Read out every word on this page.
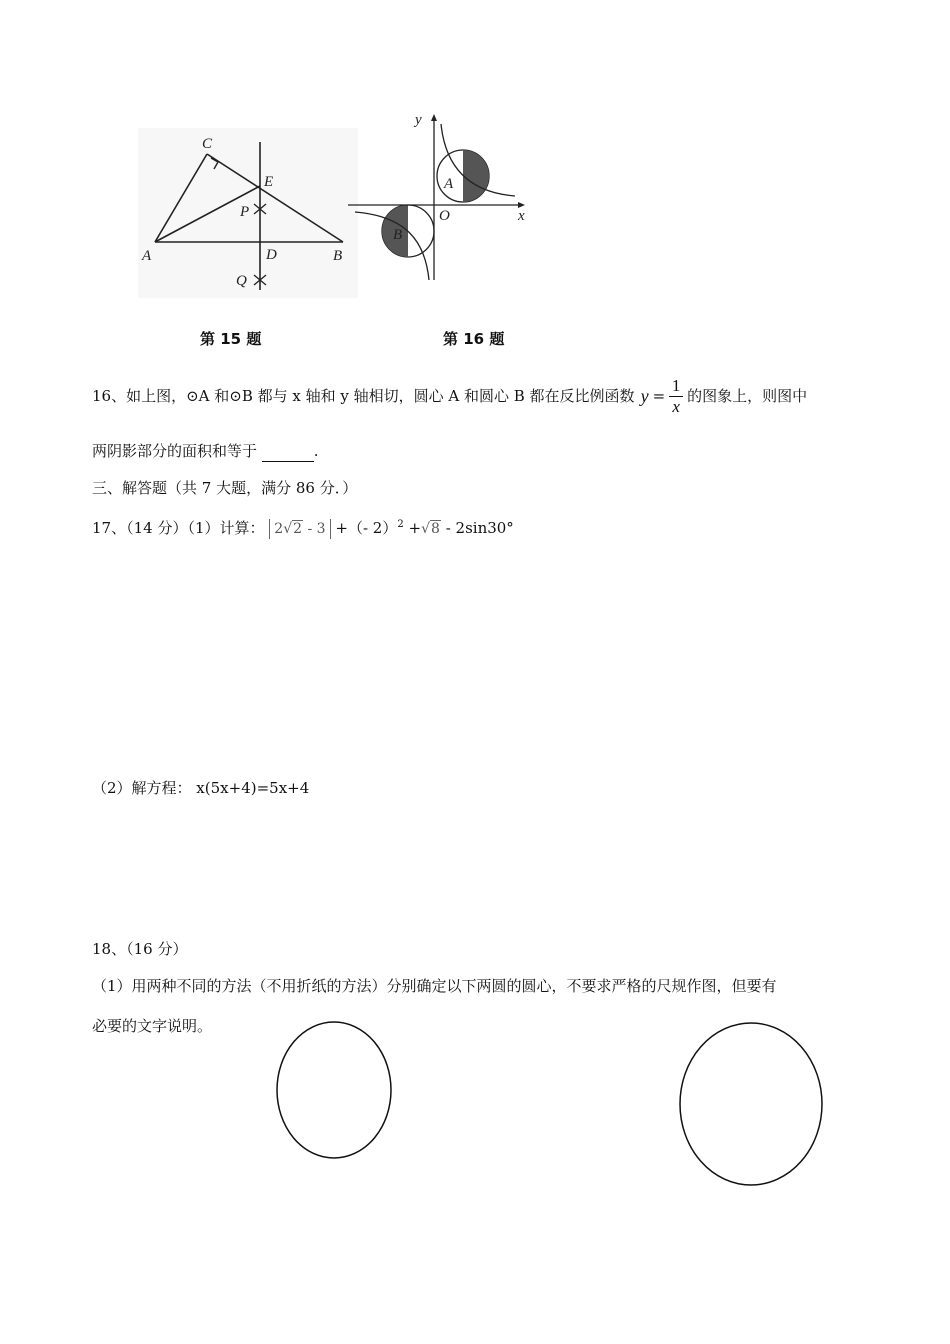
C
E
P
A	D	B
Q
y
x
O
A
B
第 15 题	第 16 题
16、如上图，⊙A 和⊙B 都与 x 轴和 y 轴相切，圆心 A 和圆心 B 都在反比例函数 $y = \frac{1}{x}$ 的图象上，则图中
两阴影部分的面积和等于	.
三、解答题（共 7 大题，满分 86 分．）
17、（14 分）（1）计算： 2√2 - 3 +（- 2）$^2$ +√8 - 2sin30°
（2）解方程： x(5x+4)=5x+4
18、（16 分）
（1）用两种不同的方法（不用折纸的方法）分别确定以下两圆的圆心，不要求严格的尺规作图，但要有
必要的文字说明。
